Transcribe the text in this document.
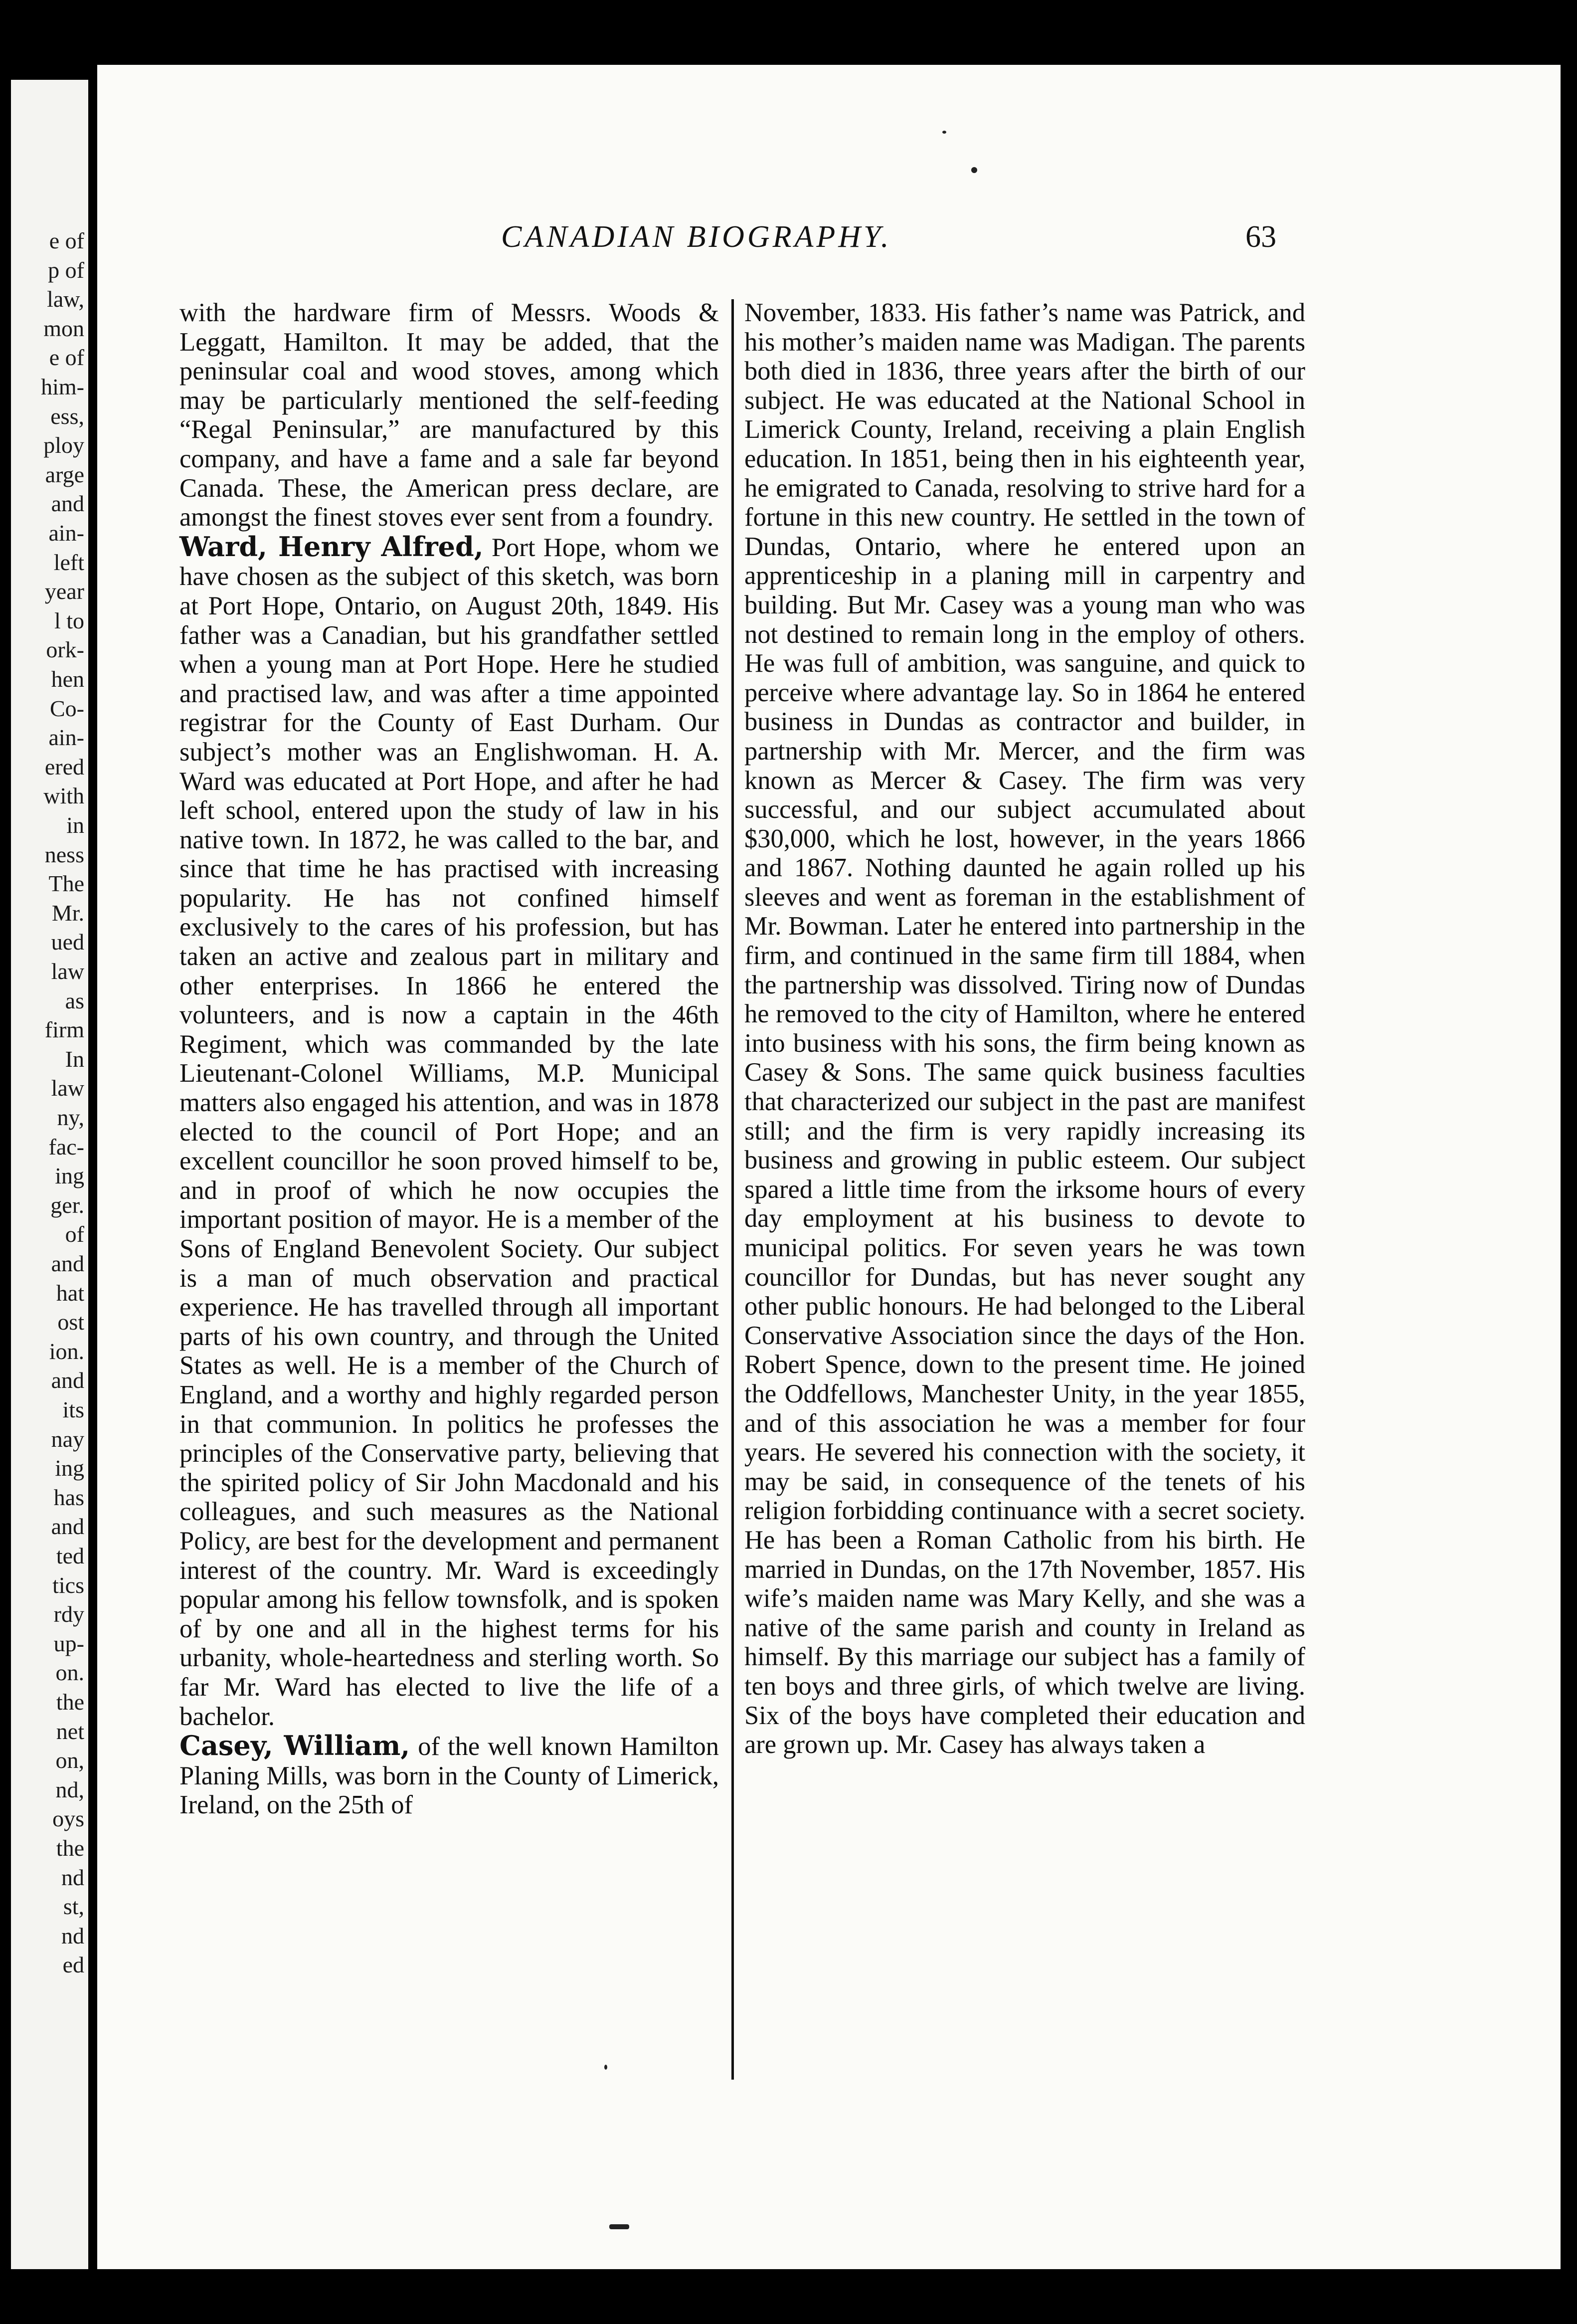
e of
p of
law,
mon
e of
him-
ess,
ploy
arge
and
ain-
left
year
l to
ork-
hen
Co-
ain-
ered
with
in
ness
The
Mr.
ued
law
as
firm
In
law
ny,
fac-
ing
ger.
of
and
hat
ost
ion.
and
its
nay
ing
has
and
ted
tics
rdy
up-
on.
the
net
on,
nd,
oys
the
nd
st,
nd
ed
CANADIAN BIOGRAPHY.	63

with the hardware firm of Messrs. Woods & Leggatt, Hamilton. It may be added, that the peninsular coal and wood stoves, among which may be particularly mentioned the self-feeding “Regal Peninsular,” are manufactured by this company, and have a fame and a sale far beyond Canada. These, the American press declare, are amongst the finest stoves ever sent from a foundry.

Ward, Henry Alfred, Port Hope, whom we have chosen as the subject of this sketch, was born at Port Hope, Ontario, on August 20th, 1849. His father was a Canadian, but his grandfather settled when a young man at Port Hope. Here he studied and practised law, and was after a time appointed registrar for the County of East Durham. Our subject’s mother was an Englishwoman. H. A. Ward was educated at Port Hope, and after he had left school, entered upon the study of law in his native town. In 1872, he was called to the bar, and since that time he has practised with increasing popularity. He has not confined himself exclusively to the cares of his profession, but has taken an active and zealous part in military and other enterprises. In 1866 he entered the volunteers, and is now a captain in the 46th Regiment, which was commanded by the late Lieutenant-Colonel Williams, M.P. Municipal matters also engaged his attention, and was in 1878 elected to the council of Port Hope; and an excellent councillor he soon proved himself to be, and in proof of which he now occupies the important position of mayor. He is a member of the Sons of England Benevolent Society. Our subject is a man of much observation and practical experience. He has travelled through all important parts of his own country, and through the United States as well. He is a member of the Church of England, and a worthy and highly regarded person in that communion. In politics he professes the principles of the Conservative party, believing that the spirited policy of Sir John Macdonald and his colleagues, and such measures as the National Policy, are best for the development and permanent interest of the country. Mr. Ward is exceedingly popular among his fellow townsfolk, and is spoken of by one and all in the highest terms for his urbanity, whole-heartedness and sterling worth. So far Mr. Ward has elected to live the life of a bachelor.

Casey, William, of the well known Hamilton Planing Mills, was born in the County of Limerick, Ireland, on the 25th of

November, 1833. His father’s name was Patrick, and his mother’s maiden name was Madigan. The parents both died in 1836, three years after the birth of our subject. He was educated at the National School in Limerick County, Ireland, receiving a plain English education. In 1851, being then in his eighteenth year, he emigrated to Canada, resolving to strive hard for a fortune in this new country. He settled in the town of Dundas, Ontario, where he entered upon an apprenticeship in a planing mill in carpentry and building. But Mr. Casey was a young man who was not destined to remain long in the employ of others. He was full of ambition, was sanguine, and quick to perceive where advantage lay. So in 1864 he entered business in Dundas as contractor and builder, in partnership with Mr. Mercer, and the firm was known as Mercer & Casey. The firm was very successful, and our subject accumulated about $30,000, which he lost, however, in the years 1866 and 1867. Nothing daunted he again rolled up his sleeves and went as foreman in the establishment of Mr. Bowman. Later he entered into partnership in the firm, and continued in the same firm till 1884, when the partnership was dissolved. Tiring now of Dundas he removed to the city of Hamilton, where he entered into business with his sons, the firm being known as Casey & Sons. The same quick business faculties that characterized our subject in the past are manifest still; and the firm is very rapidly increasing its business and growing in public esteem. Our subject spared a little time from the irksome hours of every day employment at his business to devote to municipal politics. For seven years he was town councillor for Dundas, but has never sought any other public honours. He had belonged to the Liberal Conservative Association since the days of the Hon. Robert Spence, down to the present time. He joined the Oddfellows, Manchester Unity, in the year 1855, and of this association he was a member for four years. He severed his connection with the society, it may be said, in consequence of the tenets of his religion forbidding continuance with a secret society. He has been a Roman Catholic from his birth. He married in Dundas, on the 17th November, 1857. His wife’s maiden name was Mary Kelly, and she was a native of the same parish and county in Ireland as himself. By this marriage our subject has a family of ten boys and three girls, of which twelve are living. Six of the boys have completed their education and are grown up. Mr. Casey has always taken a
